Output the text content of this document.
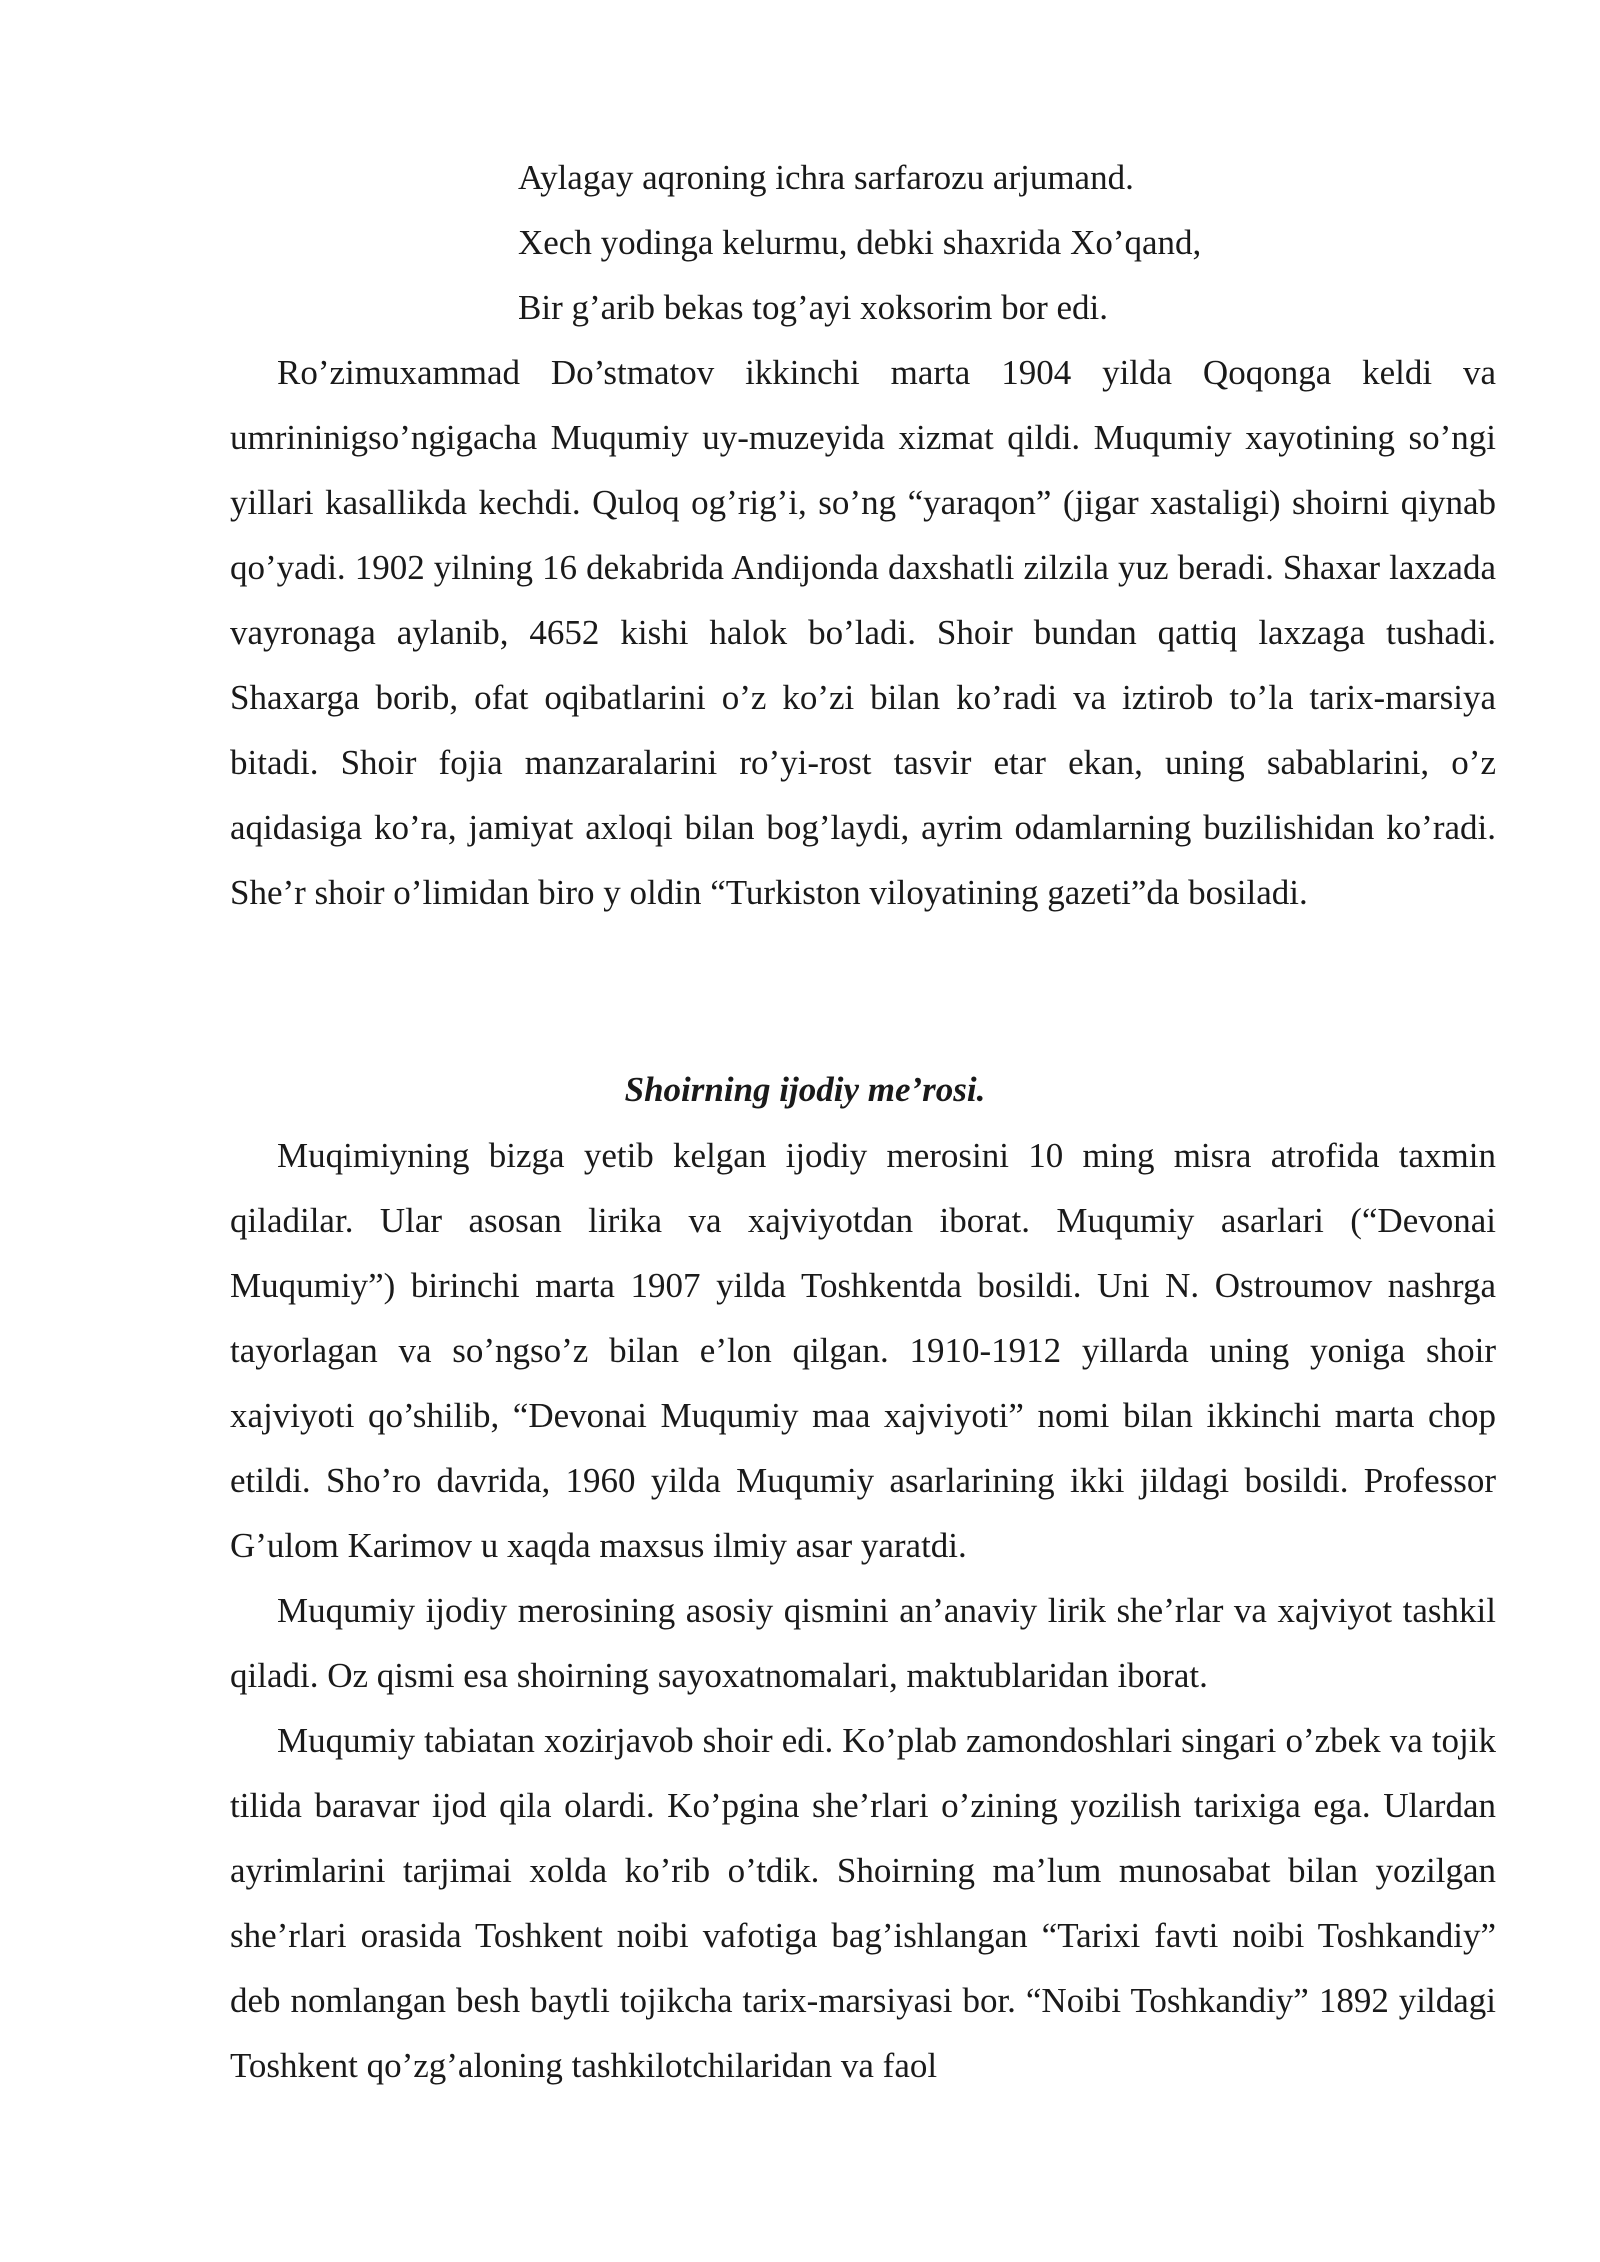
Aylagay aqroning ichra sarfarozu arjumand.
Xech yodinga kelurmu, debki shaxrida Xo’qand,
Bir g’arib bekas tog’ayi xoksorim bor edi.

Ro’zimuxammad Do’stmatov ikkinchi marta 1904 yilda Qoqonga keldi va umrininigso’ngigacha Muqumiy uy-muzeyida xizmat qildi. Muqumiy xayotining so’ngi yillari kasallikda kechdi. Quloq og’rig’i, so’ng “yaraqon” (jigar xastaligi) shoirni qiynab qo’yadi. 1902 yilning 16 dekabrida Andijonda daxshatli zilzila yuz beradi. Shaxar laxzada vayronaga aylanib, 4652 kishi halok bo’ladi. Shoir bundan qattiq laxzaga tushadi. Shaxarga borib, ofat oqibatlarini o’z ko’zi bilan ko’radi va iztirob to’la tarix-marsiya bitadi. Shoir fojia manzaralarini ro’yi-rost tasvir etar ekan, uning sabablarini, o’z aqidasiga ko’ra, jamiyat axloqi bilan bog’laydi, ayrim odamlarning buzilishidan ko’radi. She’r shoir o’limidan biro y oldin “Turkiston viloyatining gazeti”da bosiladi.

Shoirning ijodiy me’rosi.

Muqimiyning bizga yetib kelgan ijodiy merosini 10 ming misra atrofida taxmin qiladilar. Ular asosan lirika va xajviyotdan iborat. Muqumiy asarlari (“Devonai Muqumiy”) birinchi marta 1907 yilda Toshkentda bosildi. Uni N. Ostroumov nashrga tayorlagan va so’ngso’z bilan e’lon qilgan. 1910-1912 yillarda uning yoniga shoir xajviyoti qo’shilib, “Devonai Muqumiy maa xajviyoti” nomi bilan ikkinchi marta chop etildi. Sho’ro davrida, 1960 yilda Muqumiy asarlarining ikki jildagi bosildi. Professor G’ulom Karimov u xaqda maxsus ilmiy asar yaratdi.

Muqumiy ijodiy merosining asosiy qismini an’anaviy lirik she’rlar va xajviyot tashkil qiladi. Oz qismi esa shoirning sayoxatnomalari, maktublaridan iborat.

Muqumiy tabiatan xozirjavob shoir edi. Ko’plab zamondoshlari singari o’zbek va tojik tilida baravar ijod qila olardi. Ko’pgina she’rlari o’zining yozilish tarixiga ega. Ulardan ayrimlarini tarjimai xolda ko’rib o’tdik. Shoirning ma’lum munosabat bilan yozilgan she’rlari orasida Toshkent noibi vafotiga bag’ishlangan “Tarixi favti noibi Toshkandiy” deb nomlangan besh baytli tojikcha tarix-marsiyasi bor. “Noibi Toshkandiy” 1892 yildagi Toshkent qo’zg’aloning tashkilotchilaridan va faol
